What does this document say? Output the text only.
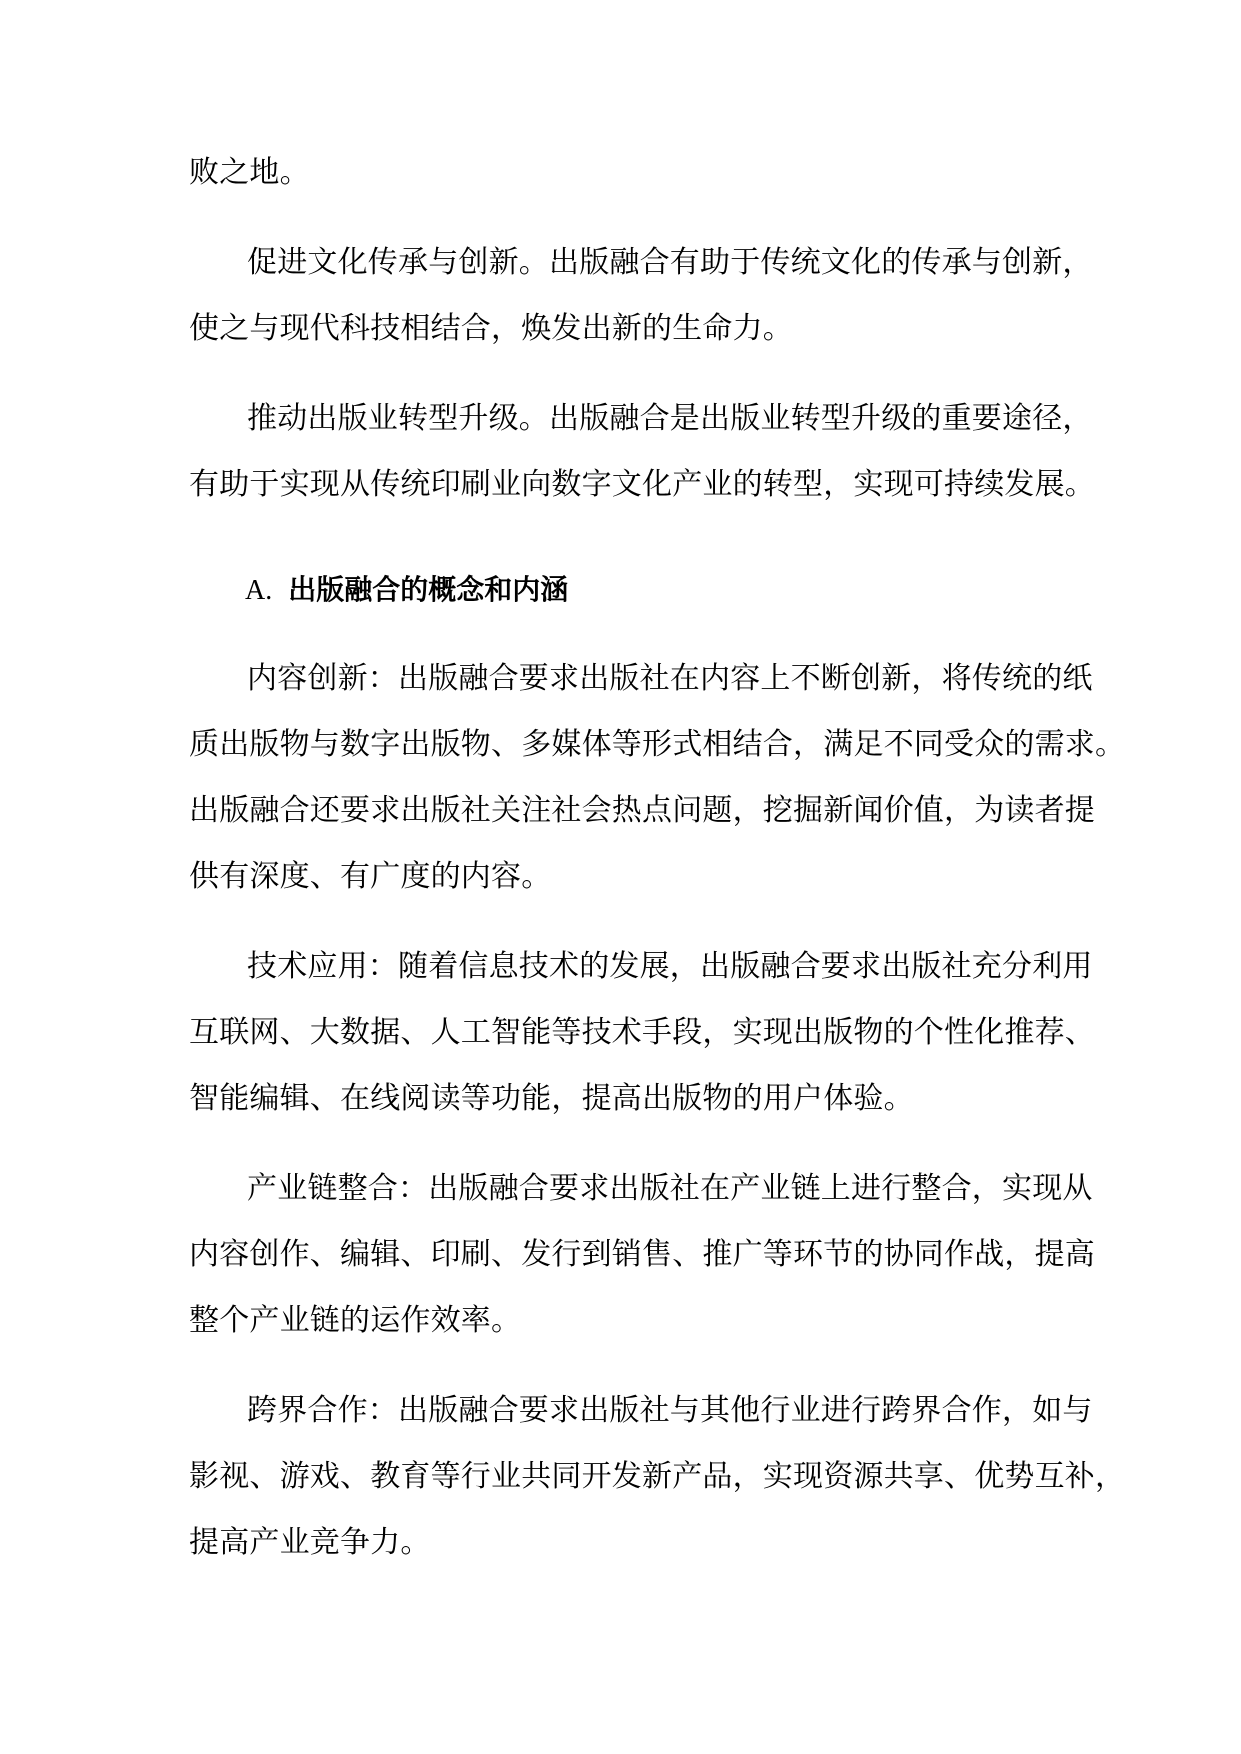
败之地。
促进文化传承与创新。出版融合有助于传统文化的传承与创新，
使之与现代科技相结合，焕发出新的生命力。
推动出版业转型升级。出版融合是出版业转型升级的重要途径，
有助于实现从传统印刷业向数字文化产业的转型，实现可持续发展。
A. 出版融合的概念和内涵
内容创新：出版融合要求出版社在内容上不断创新，将传统的纸
质出版物与数字出版物、多媒体等形式相结合，满足不同受众的需求。
出版融合还要求出版社关注社会热点问题，挖掘新闻价值，为读者提
供有深度、有广度的内容。
技术应用：随着信息技术的发展，出版融合要求出版社充分利用
互联网、大数据、人工智能等技术手段，实现出版物的个性化推荐、
智能编辑、在线阅读等功能，提高出版物的用户体验。
产业链整合：出版融合要求出版社在产业链上进行整合，实现从
内容创作、编辑、印刷、发行到销售、推广等环节的协同作战，提高
整个产业链的运作效率。
跨界合作：出版融合要求出版社与其他行业进行跨界合作，如与
影视、游戏、教育等行业共同开发新产品，实现资源共享、优势互补，
提高产业竞争力。
